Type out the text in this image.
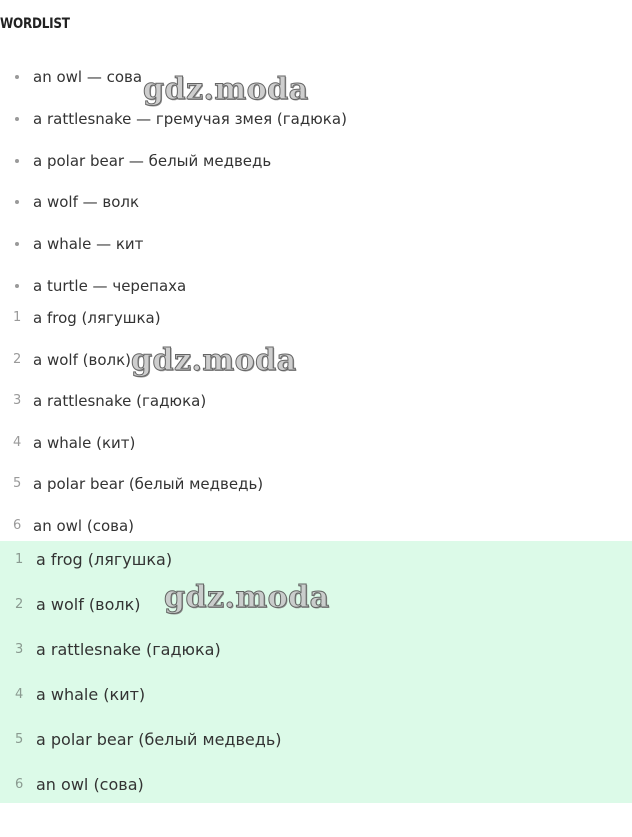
WORDLIST
an owl — сова
a rattlesnake — гремучая змея (гадюка)
a polar bear — белый медведь
a wolf — волк
a whale — кит
a turtle — черепаха
1 a frog (лягушка)
2 a wolf (волк)
3 a rattlesnake (гадюка)
4 a whale (кит)
5 a polar bear (белый медведь)
6 an owl (сова)
1 a frog (лягушка)
2 a wolf (волк)
3 a rattlesnake (гадюка)
4 a whale (кит)
5 a polar bear (белый медведь)
6 an owl (сова)
gdz.moda
gdz.moda
gdz.moda
